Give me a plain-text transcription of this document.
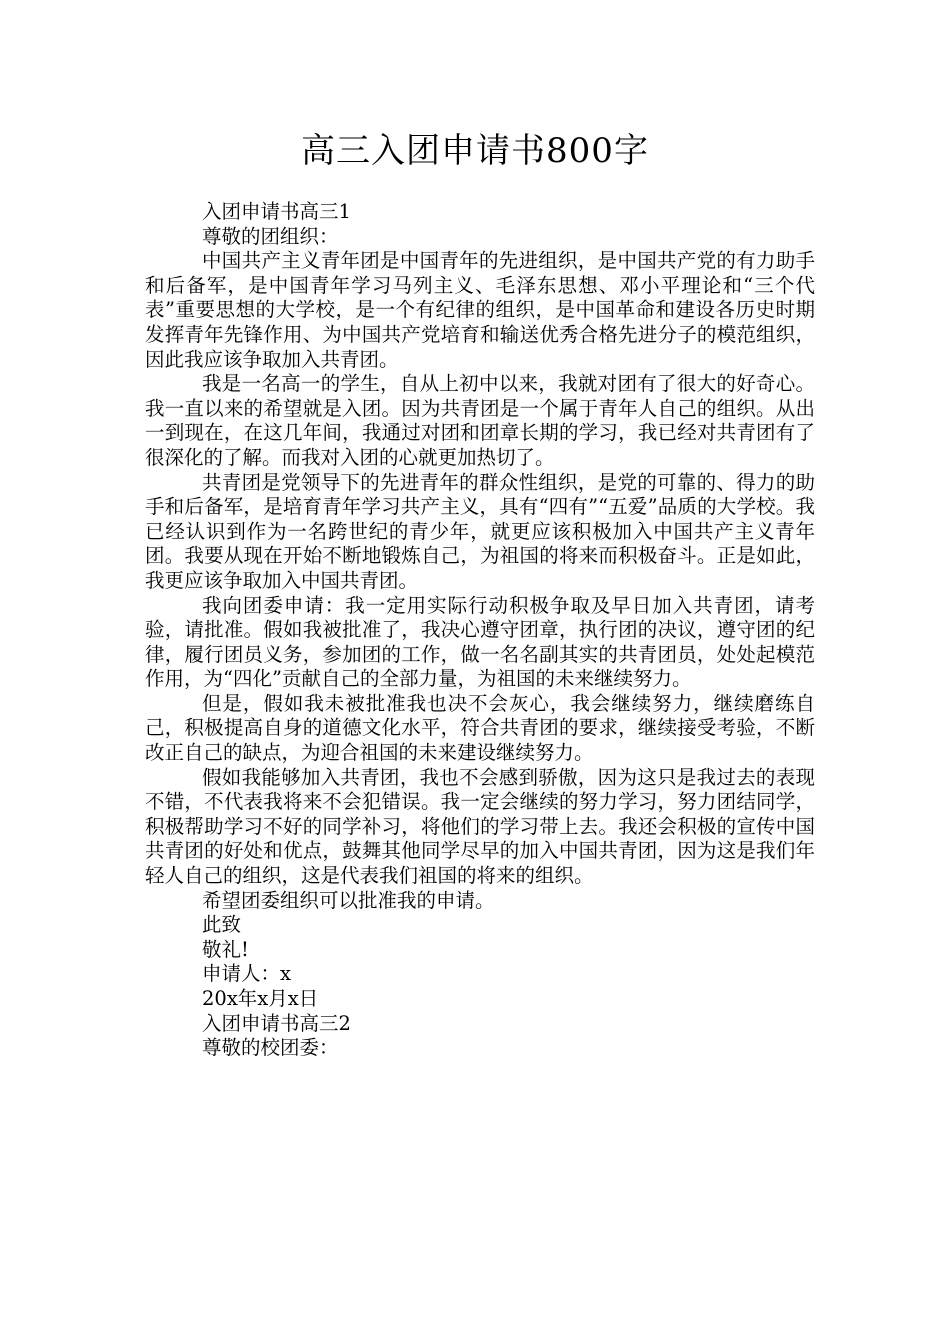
高三入团申请书800字

入团申请书高三1

尊敬的团组织：

中国共产主义青年团是中国青年的先进组织，是中国共产党的有力助手和后备军，是中国青年学习马列主义、毛泽东思想、邓小平理论和“三个代表”重要思想的大学校，是一个有纪律的组织，是中国革命和建设各历史时期发挥青年先锋作用、为中国共产党培育和输送优秀合格先进分子的模范组织，因此我应该争取加入共青团。

我是一名高一的学生，自从上初中以来，我就对团有了很大的好奇心。我一直以来的希望就是入团。因为共青团是一个属于青年人自己的组织。从出一到现在，在这几年间，我通过对团和团章长期的学习，我已经对共青团有了很深化的了解。而我对入团的心就更加热切了。

共青团是党领导下的先进青年的群众性组织，是党的可靠的、得力的助手和后备军，是培育青年学习共产主义，具有“四有”“五爱”品质的大学校。我已经认识到作为一名跨世纪的青少年，就更应该积极加入中国共产主义青年团。我要从现在开始不断地锻炼自己，为祖国的将来而积极奋斗。正是如此，我更应该争取加入中国共青团。

我向团委申请：我一定用实际行动积极争取及早日加入共青团，请考验，请批准。假如我被批准了，我决心遵守团章，执行团的决议，遵守团的纪律，履行团员义务，参加团的工作，做一名名副其实的共青团员，处处起模范作用，为“四化”贡献自己的全部力量，为祖国的未来继续努力。

但是，假如我未被批准我也决不会灰心，我会继续努力，继续磨练自己，积极提高自身的道德文化水平，符合共青团的要求，继续接受考验，不断改正自己的缺点，为迎合祖国的未来建设继续努力。

假如我能够加入共青团，我也不会感到骄傲，因为这只是我过去的表现不错，不代表我将来不会犯错误。我一定会继续的努力学习，努力团结同学，积极帮助学习不好的同学补习，将他们的学习带上去。我还会积极的宣传中国共青团的好处和优点，鼓舞其他同学尽早的加入中国共青团，因为这是我们年轻人自己的组织，这是代表我们祖国的将来的组织。

希望团委组织可以批准我的申请。

此致

敬礼!

申请人：x

20x年x月x日

入团申请书高三2

尊敬的校团委：
